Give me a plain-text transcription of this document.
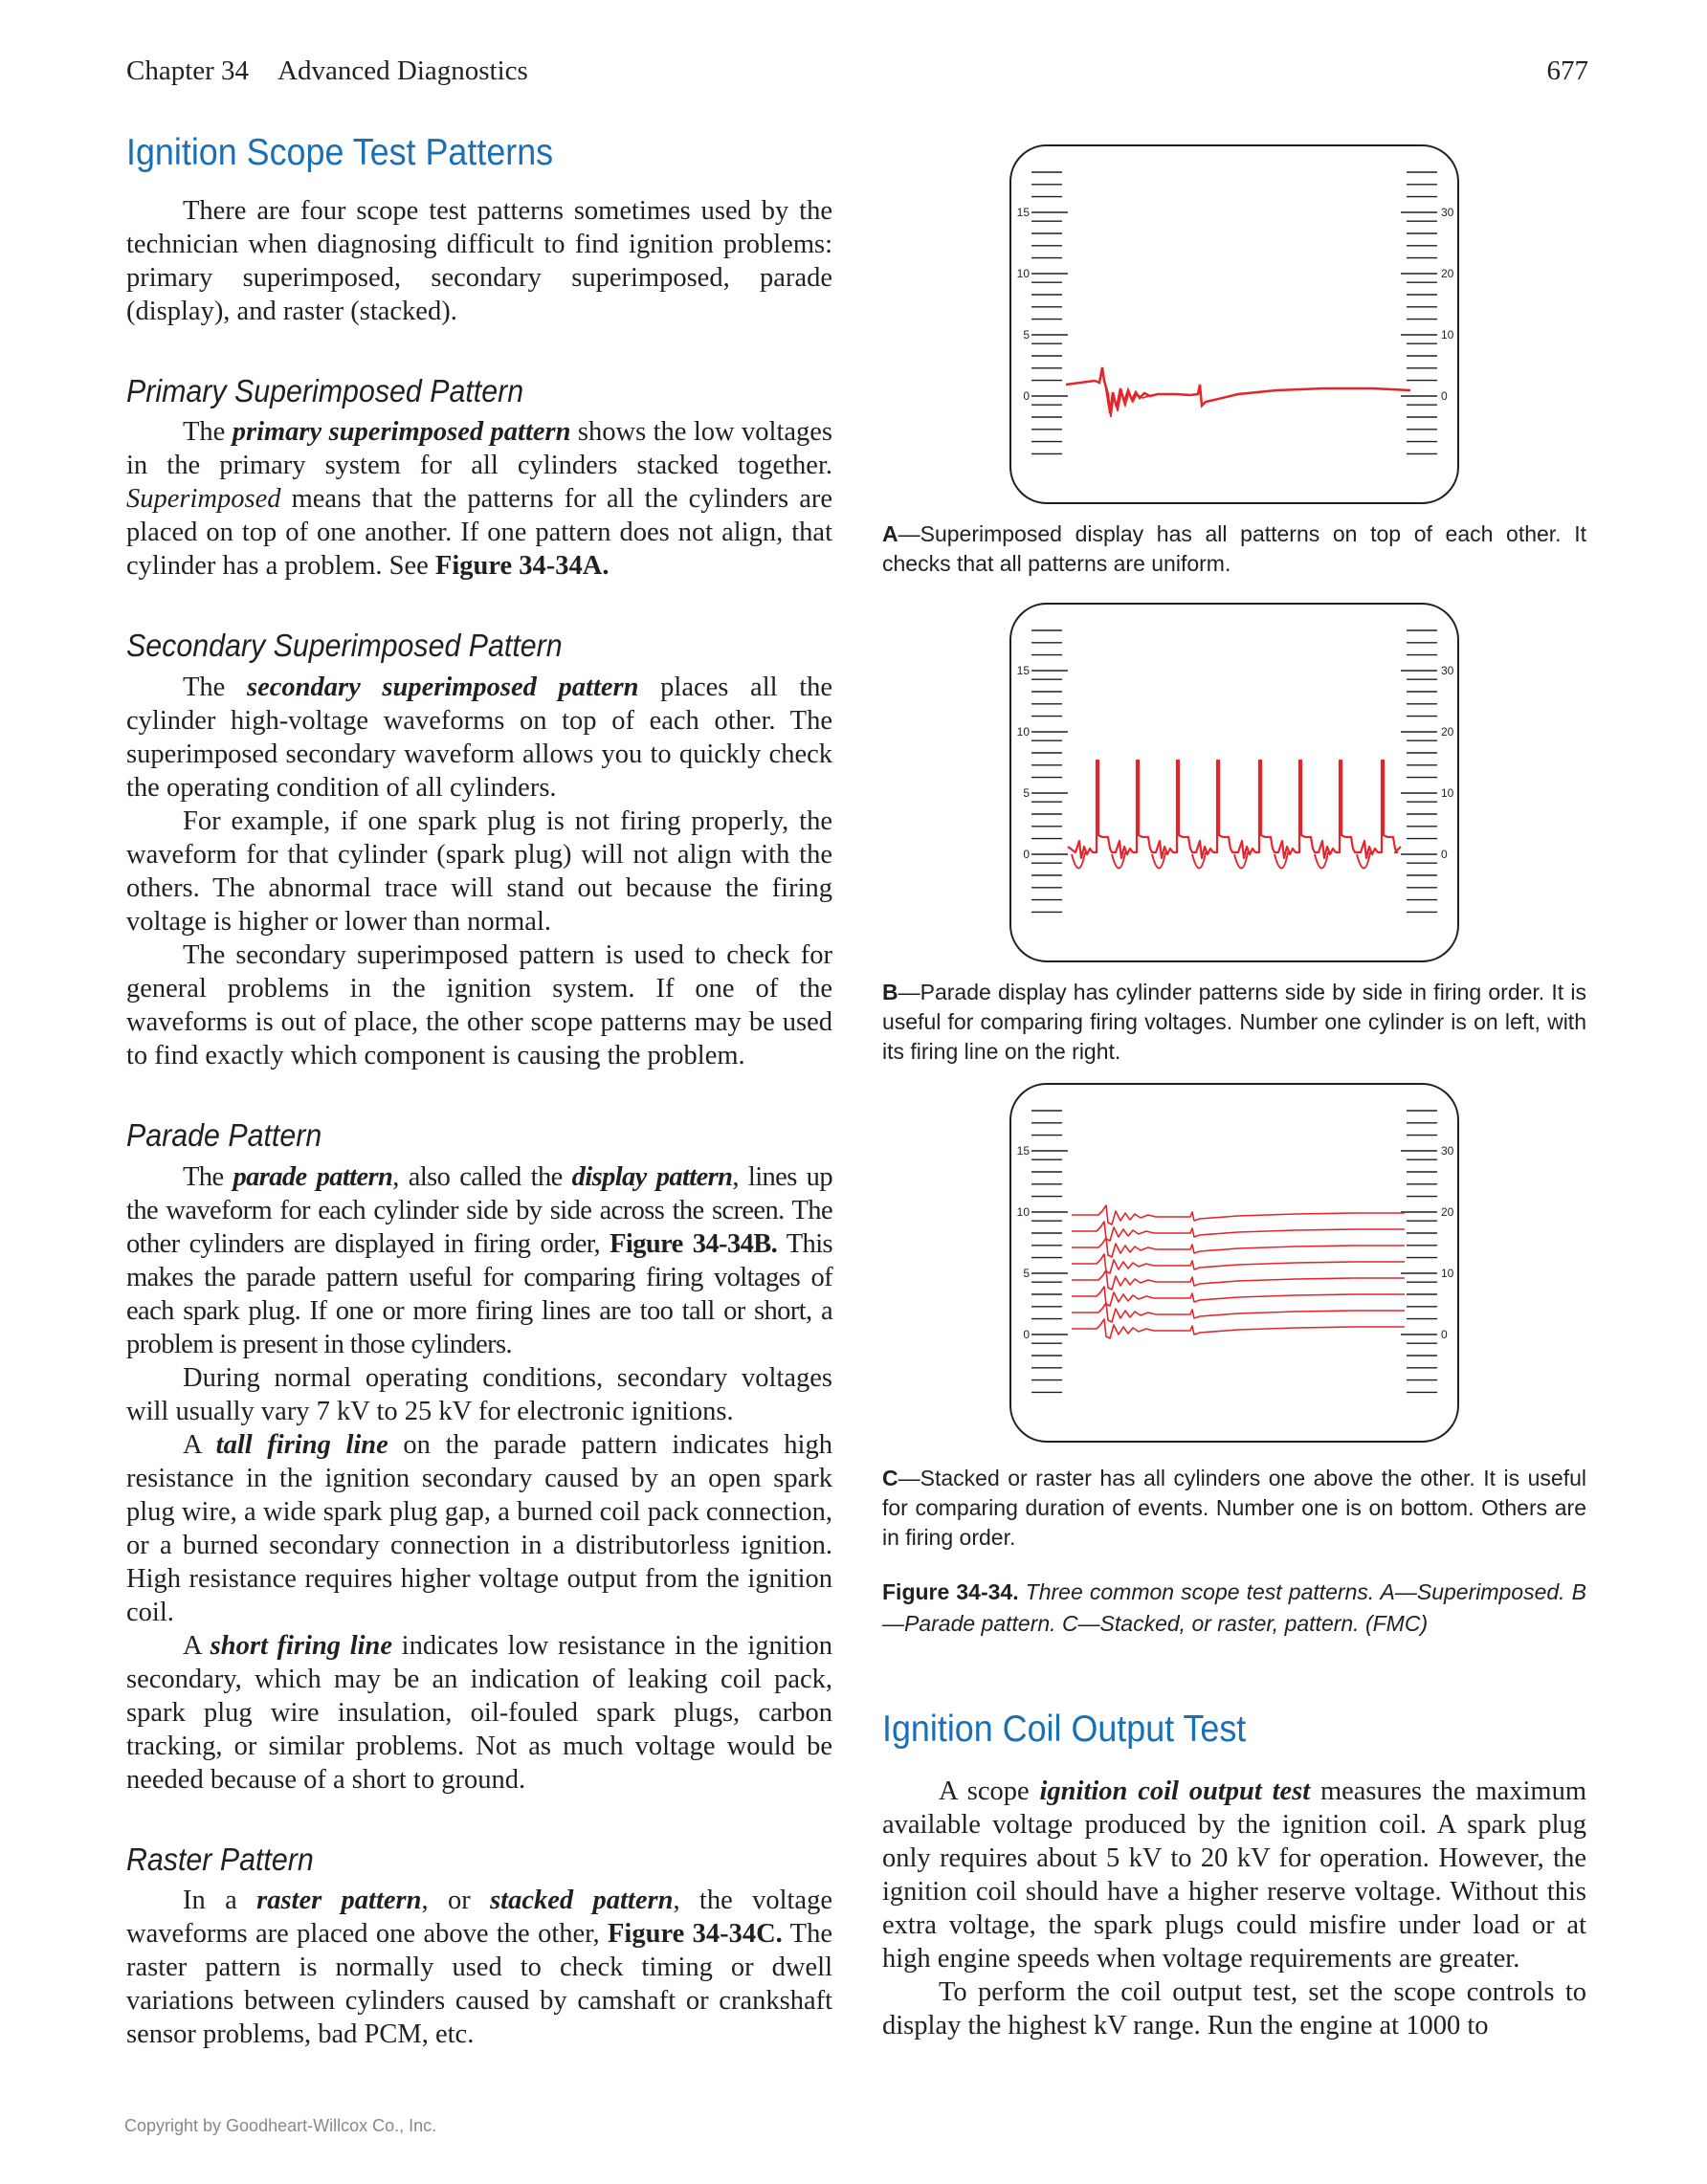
Chapter 34 Advanced Diagnostics	677
Ignition Scope Test Patterns

There are four scope test patterns sometimes used by the technician when diagnosing difficult to find ignition problems: primary superimposed, secondary superimposed, parade (display), and raster (stacked).

Primary Superimposed Pattern

The primary superimposed pattern shows the low voltages in the primary system for all cylinders stacked together. Superimposed means that the patterns for all the cylinders are placed on top of one another. If one pattern does not align, that cylinder has a problem. See Figure 34-34A.

Secondary Superimposed Pattern

The secondary superimposed pattern places all the cylinder high-voltage waveforms on top of each other. The superimposed secondary waveform allows you to quickly check the operating condition of all cylinders.

For example, if one spark plug is not firing properly, the waveform for that cylinder (spark plug) will not align with the others. The abnormal trace will stand out because the firing voltage is higher or lower than normal.

The secondary superimposed pattern is used to check for general problems in the ignition system. If one of the waveforms is out of place, the other scope patterns may be used to find exactly which component is causing the problem.

Parade Pattern

The parade pattern, also called the display pattern, lines up the waveform for each cylinder side by side across the screen. The other cylinders are displayed in firing order, Figure 34-34B. This makes the parade pattern useful for comparing firing voltages of each spark plug. If one or more firing lines are too tall or short, a problem is present in those cylinders.

During normal operating conditions, secondary voltages will usually vary 7 kV to 25 kV for electronic ignitions.

A tall firing line on the parade pattern indicates high resistance in the ignition secondary caused by an open spark plug wire, a wide spark plug gap, a burned coil pack connection, or a burned secondary connection in a distributorless ignition. High resistance requires higher voltage output from the ignition coil.

A short firing line indicates low resistance in the ignition secondary, which may be an indication of leaking coil pack, spark plug wire insulation, oil-fouled spark plugs, carbon tracking, or similar problems. Not as much voltage would be needed because of a short to ground.

Raster Pattern

In a raster pattern, or stacked pattern, the voltage waveforms are placed one above the other, Figure 34-34C. The raster pattern is normally used to check timing or dwell variations between cylinders caused by camshaft or crankshaft sensor problems, bad PCM, etc.

15	30
10	20
5	10
0	0

A—Superimposed display has all patterns on top of each other. It checks that all patterns are uniform.

15	30
10	20
5	10
0	0

B—Parade display has cylinder patterns side by side in firing order. It is useful for comparing firing voltages. Number one cylinder is on left, with its firing line on the right.

15	30
10	20
5	10
0	0

C—Stacked or raster has all cylinders one above the other. It is useful for comparing duration of events. Number one is on bottom. Others are in firing order.

Figure 34-34. Three common scope test patterns. A—Superimposed. B—Parade pattern. C—Stacked, or raster, pattern. (FMC)

Ignition Coil Output Test

A scope ignition coil output test measures the maximum available voltage produced by the ignition coil. A spark plug only requires about 5 kV to 20 kV for operation. However, the ignition coil should have a higher reserve voltage. Without this extra voltage, the spark plugs could misfire under load or at high engine speeds when voltage requirements are greater.

To perform the coil output test, set the scope controls to display the highest kV range. Run the engine at 1000 to

Copyright by Goodheart-Willcox Co., Inc.
